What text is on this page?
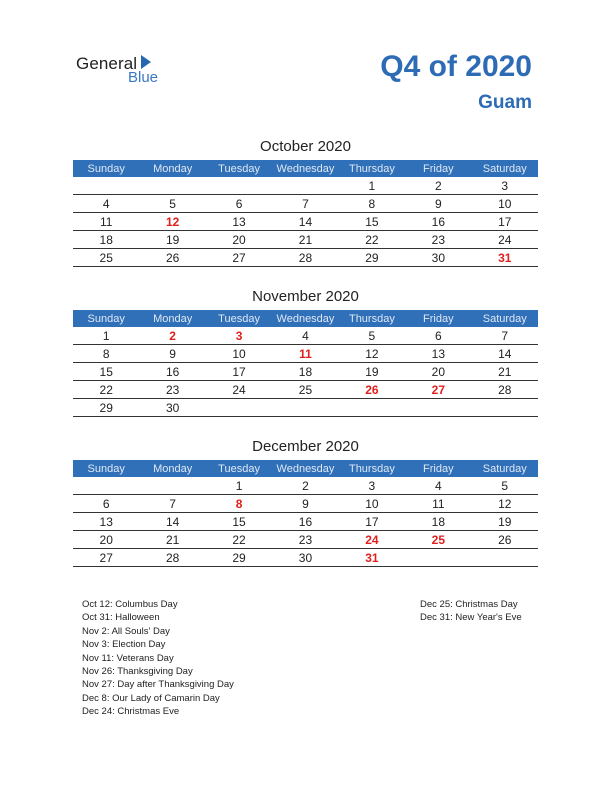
General
Blue	Q4 of 2020
Guam
October 2020
Sunday	Monday	Tuesday	Wednesday	Thursday	Friday	Saturday
				1	2	3
4	5	6	7	8	9	10
11	12	13	14	15	16	17
18	19	20	21	22	23	24
25	26	27	28	29	30	31
November 2020
Sunday	Monday	Tuesday	Wednesday	Thursday	Friday	Saturday
1	2	3	4	5	6	7
8	9	10	11	12	13	14
15	16	17	18	19	20	21
22	23	24	25	26	27	28
29	30					
December 2020
Sunday	Monday	Tuesday	Wednesday	Thursday	Friday	Saturday
		1	2	3	4	5
6	7	8	9	10	11	12
13	14	15	16	17	18	19
20	21	22	23	24	25	26
27	28	29	30	31		
Oct 12: Columbus Day
Oct 31: Halloween
Nov 2: All Souls' Day
Nov 3: Election Day
Nov 11: Veterans Day
Nov 26: Thanksgiving Day
Nov 27: Day after Thanksgiving Day
Dec 8: Our Lady of Camarin Day
Dec 24: Christmas Eve
Dec 25: Christmas Day
Dec 31: New Year's Eve
